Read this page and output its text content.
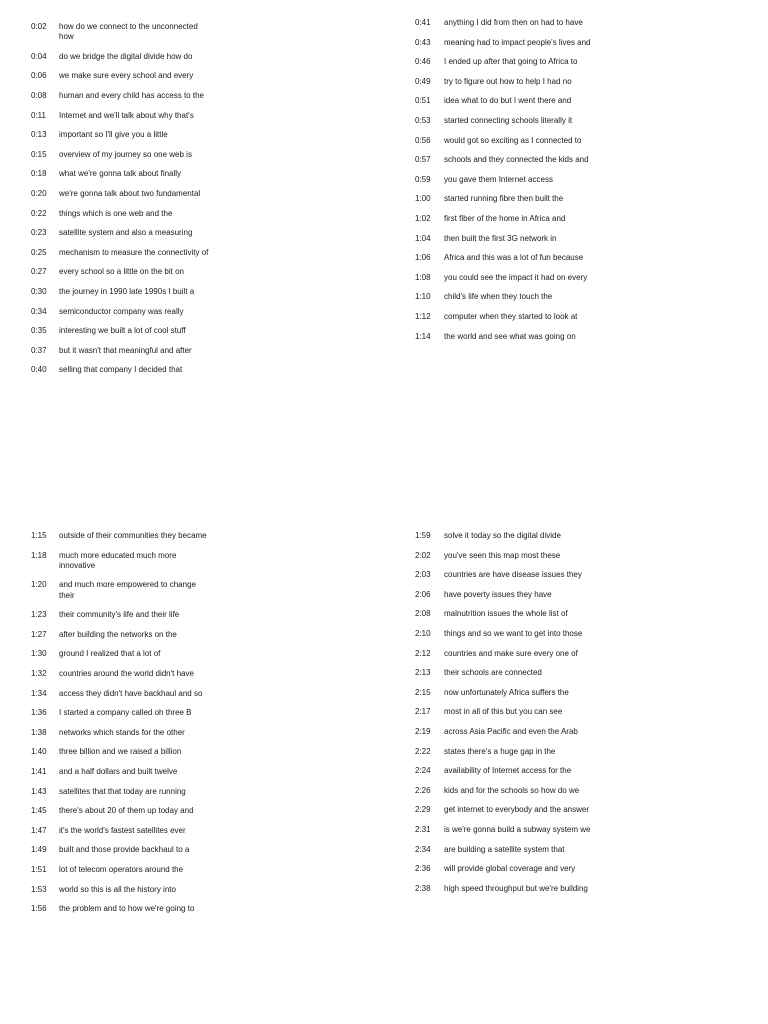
0:02 how do we connect to the unconnected how
0:04 do we bridge the digital divide how do
0:06 we make sure every school and every
0:08 human and every child has access to the
0:11 Internet and we'll talk about why that's
0:13 important so I'll give you a little
0:15 overview of my journey so one web is
0:18 what we're gonna talk about finally
0:20 we're gonna talk about two fundamental
0:22 things which is one web and the
0:23 satellite system and also a measuring
0:25 mechanism to measure the connectivity of
0:27 every school so a little on the bit on
0:30 the journey in 1990 late 1990s I built a
0:34 semiconductor company was really
0:35 interesting we built a lot of cool stuff
0:37 but it wasn't that meaningful and after
0:40 selling that company I decided that
0:41 anything I did from then on had to have
0:43 meaning had to impact people's lives and
0:46 I ended up after that going to Africa to
0:49 try to figure out how to help I had no
0:51 idea what to do but I went there and
0:53 started connecting schools literally it
0:56 would got so exciting as I connected to
0:57 schools and they connected the kids and
0:59 you gave them Internet access
1:00 started running fibre then built the
1:02 first fiber of the home in Africa and
1:04 then built the first 3G network in
1:06 Africa and this was a lot of fun because
1:08 you could see the impact it had on every
1:10 child's life when they touch the
1:12 computer when they started to look at
1:14 the world and see what was going on
1:15 outside of their communities they became
1:18 much more educated much more innovative
1:20 and much more empowered to change their
1:23 their community's life and their life
1:27 after building the networks on the
1:30 ground I realized that a lot of
1:32 countries around the world didn't have
1:34 access they didn't have backhaul and so
1:36 I started a company called oh three B
1:38 networks which stands for the other
1:40 three billion and we raised a billion
1:41 and a half dollars and built twelve
1:43 satellites that that today are running
1:45 there's about 20 of them up today and
1:47 it's the world's fastest satellites ever
1:49 built and those provide backhaul to a
1:51 lot of telecom operators around the
1:53 world so this is all the history into
1:56 the problem and to how we're going to
1:59 solve it today so the digital divide
2:02 you've seen this map most these
2:03 countries are have disease issues they
2:06 have poverty issues they have
2:08 malnutrition issues the whole list of
2:10 things and so we want to get into those
2:12 countries and make sure every one of
2:13 their schools are connected
2:15 now unfortunately Africa suffers the
2:17 most in all of this but you can see
2:19 across Asia Pacific and even the Arab
2:22 states there's a huge gap in the
2:24 availability of Internet access for the
2:26 kids and for the schools so how do we
2:29 get internet to everybody and the answer
2:31 is we're gonna build a subway system we
2:34 are building a satellite system that
2:36 will provide global coverage and very
2:38 high speed throughput but we're building
